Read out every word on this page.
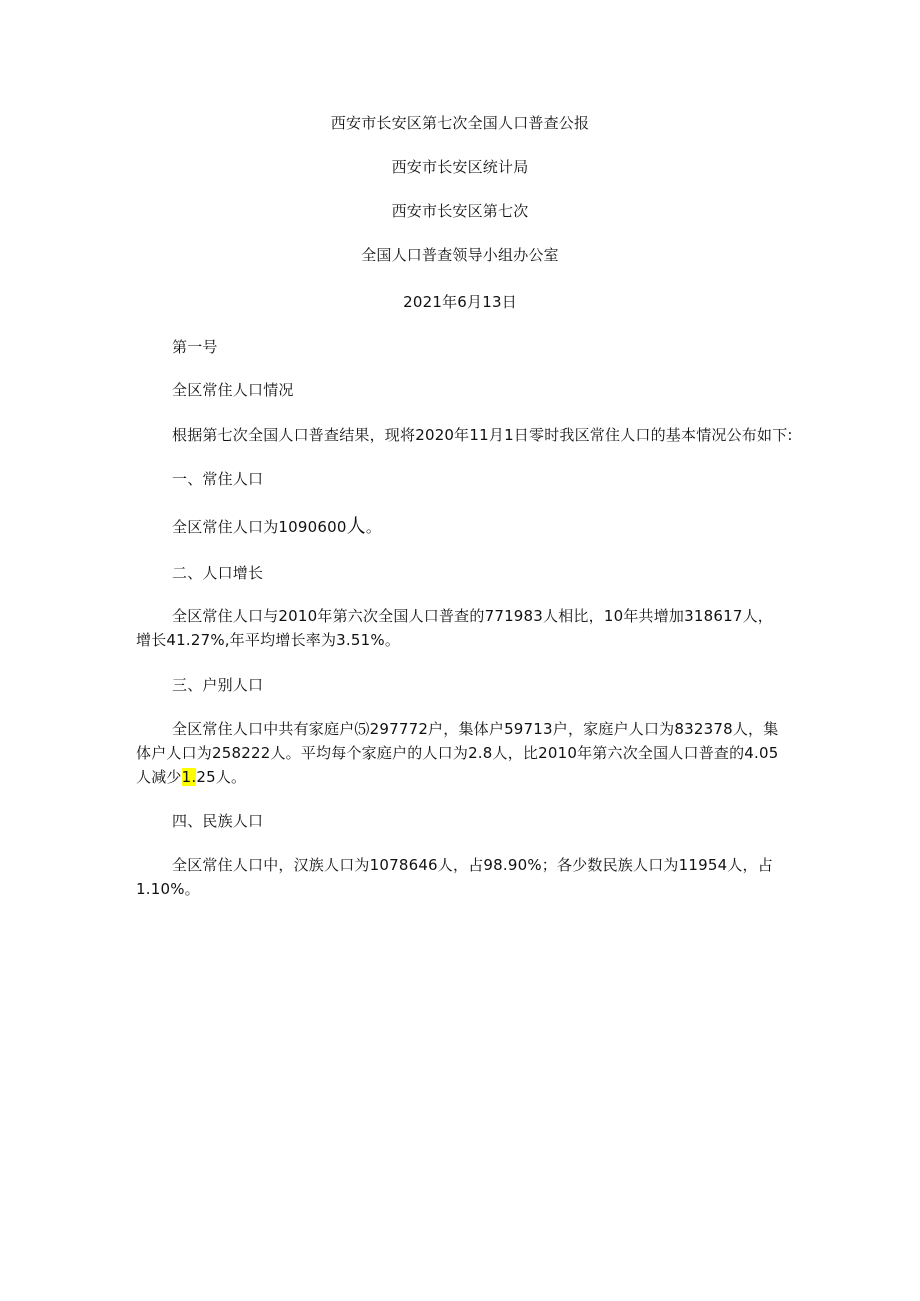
西安市长安区第七次全国人口普查公报
西安市长安区统计局
西安市长安区第七次
全国人口普查领导小组办公室
2021年6月13日
第一号
全区常住人口情况
根据第七次全国人口普查结果，现将2020年11月1日零时我区常住人口的基本情况公布如下:
一、常住人口
全区常住人口为1090600人。
二、人口增长
全区常住人口与2010年第六次全国人口普查的771983人相比，10年共增加318617人，增长41.27%,年平均增长率为3.51%。
三、户别人口
全区常住人口中共有家庭户⑸297772户，集体户59713户，家庭户人口为832378人，集体户人口为258222人。平均每个家庭户的人口为2.8人，比2010年第六次全国人口普查的4.05人减少1.25人。
四、民族人口
全区常住人口中，汉族人口为1078646人，占98.90%；各少数民族人口为11954人，占1.10%。
